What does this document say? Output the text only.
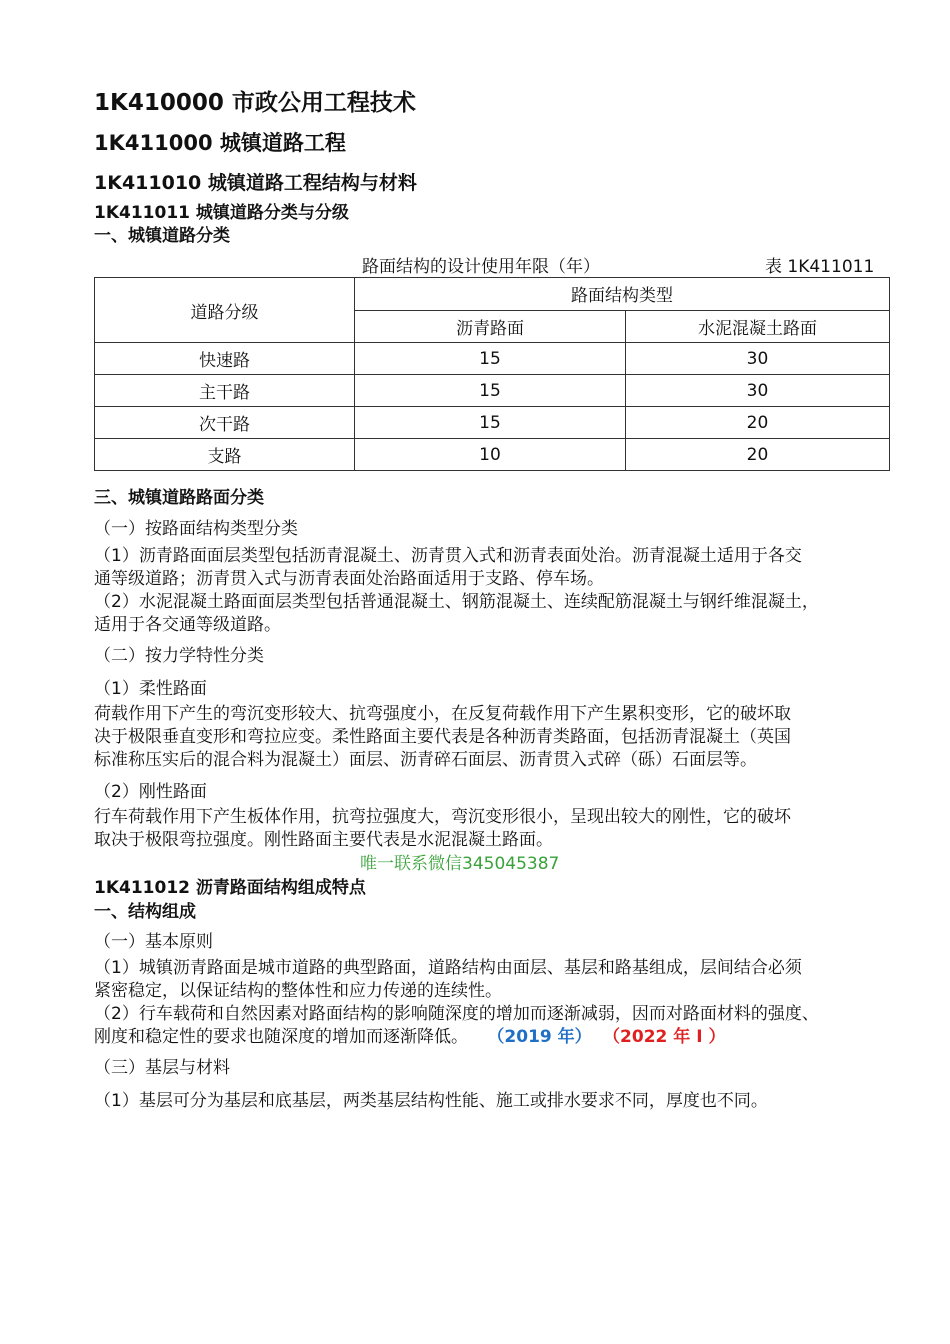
1K410000 市政公用工程技术
1K411000 城镇道路工程
1K411010 城镇道路工程结构与材料
1K411011 城镇道路分类与分级
一、城镇道路分类
路面结构的设计使用年限（年）	表 1K411011
道路分级	路面结构类型	
	沥青路面	水泥混凝土路面
快速路	15	30
主干路	15	30
次干路	15	20
支路	10	20
三、城镇道路路面分类
（一）按路面结构类型分类
（1）沥青路面面层类型包括沥青混凝土、沥青贯入式和沥青表面处治。沥青混凝土适用于各交
通等级道路；沥青贯入式与沥青表面处治路面适用于支路、停车场。
（2）水泥混凝土路面面层类型包括普通混凝土、钢筋混凝土、连续配筋混凝土与钢纤维混凝土，
适用于各交通等级道路。
（二）按力学特性分类
（1）柔性路面
荷载作用下产生的弯沉变形较大、抗弯强度小，在反复荷载作用下产生累积变形，它的破坏取
决于极限垂直变形和弯拉应变。柔性路面主要代表是各种沥青类路面，包括沥青混凝土（英国
标准称压实后的混合料为混凝土）面层、沥青碎石面层、沥青贯入式碎（砾）石面层等。
（2）刚性路面
行车荷载作用下产生板体作用，抗弯拉强度大，弯沉变形很小，呈现出较大的刚性，它的破坏
取决于极限弯拉强度。刚性路面主要代表是水泥混凝土路面。
唯一联系微信345045387
1K411012 沥青路面结构组成特点
一、结构组成
（一）基本原则
（1）城镇沥青路面是城市道路的典型路面，道路结构由面层、基层和路基组成，层间结合必须
紧密稳定，以保证结构的整体性和应力传递的连续性。
（2）行车载荷和自然因素对路面结构的影响随深度的增加而逐渐减弱，因而对路面材料的强度、
刚度和稳定性的要求也随深度的增加而逐渐降低。 （2019 年） （2022 年 I ）
（三）基层与材料
（1）基层可分为基层和底基层，两类基层结构性能、施工或排水要求不同，厚度也不同。
